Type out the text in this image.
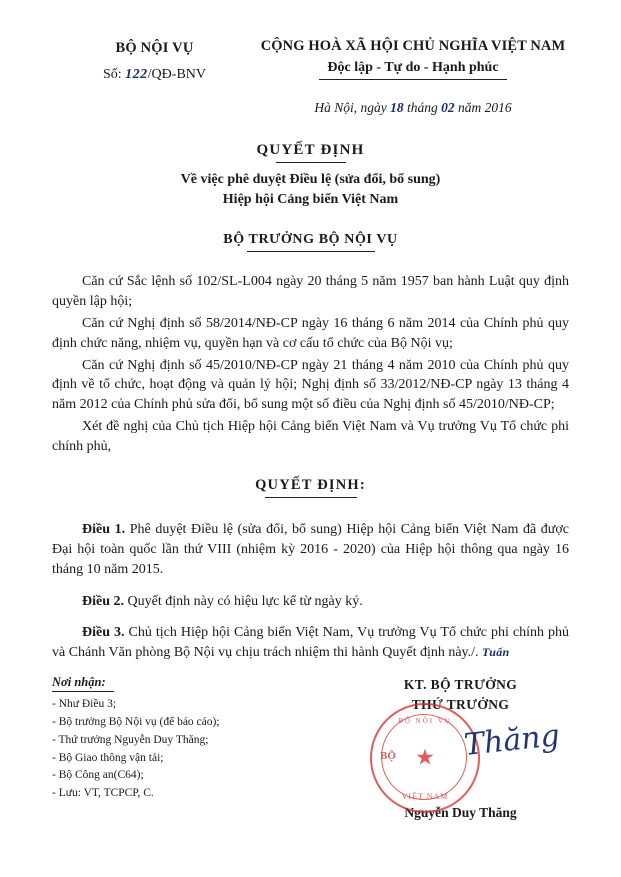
BỘ NỘI VỤ
Số: 122/QĐ-BNV
CỘNG HOÀ XÃ HỘI CHỦ NGHĨA VIỆT NAM
Độc lập - Tự do - Hạnh phúc
Hà Nội, ngày 18 tháng 02 năm 2016
QUYẾT ĐỊNH
Về việc phê duyệt Điều lệ (sửa đổi, bổ sung)
Hiệp hội Cảng biển Việt Nam
BỘ TRƯỞNG BỘ NỘI VỤ

Căn cứ Sắc lệnh số 102/SL-L004 ngày 20 tháng 5 năm 1957 ban hành Luật quy định quyền lập hội;

Căn cứ Nghị định số 58/2014/NĐ-CP ngày 16 tháng 6 năm 2014 của Chính phủ quy định chức năng, nhiệm vụ, quyền hạn và cơ cấu tổ chức của Bộ Nội vụ;

Căn cứ Nghị định số 45/2010/NĐ-CP ngày 21 tháng 4 năm 2010 của Chính phủ quy định về tổ chức, hoạt động và quản lý hội; Nghị định số 33/2012/NĐ-CP ngày 13 tháng 4 năm 2012 của Chính phủ sửa đổi, bổ sung một số điều của Nghị định số 45/2010/NĐ-CP;

Xét đề nghị của Chủ tịch Hiệp hội Cảng biển Việt Nam và Vụ trưởng Vụ Tổ chức phi chính phủ,

QUYẾT ĐỊNH:

Điều 1. Phê duyệt Điều lệ (sửa đổi, bổ sung) Hiệp hội Cảng biển Việt Nam đã được Đại hội toàn quốc lần thứ VIII (nhiệm kỳ 2016 - 2020) của Hiệp hội thông qua ngày 16 tháng 10 năm 2015.

Điều 2. Quyết định này có hiệu lực kể từ ngày ký.

Điều 3. Chủ tịch Hiệp hội Cảng biển Việt Nam, Vụ trưởng Vụ Tổ chức phi chính phủ và Chánh Văn phòng Bộ Nội vụ chịu trách nhiệm thi hành Quyết định này./. Tuấn

Nơi nhận:
- Như Điều 3;
- Bộ trưởng Bộ Nội vụ (để báo cáo);
- Thứ trưởng Nguyễn Duy Thăng;
- Bộ Giao thông vận tải;
- Bộ Công an(C64);
- Lưu: VT, TCPCP, C.
KT. BỘ TRƯỞNG
THỨ TRƯỞNG
BỘ NỘI VỤ
BỘ ★
VIỆT NAM
Thăng
Nguyễn Duy Thăng
